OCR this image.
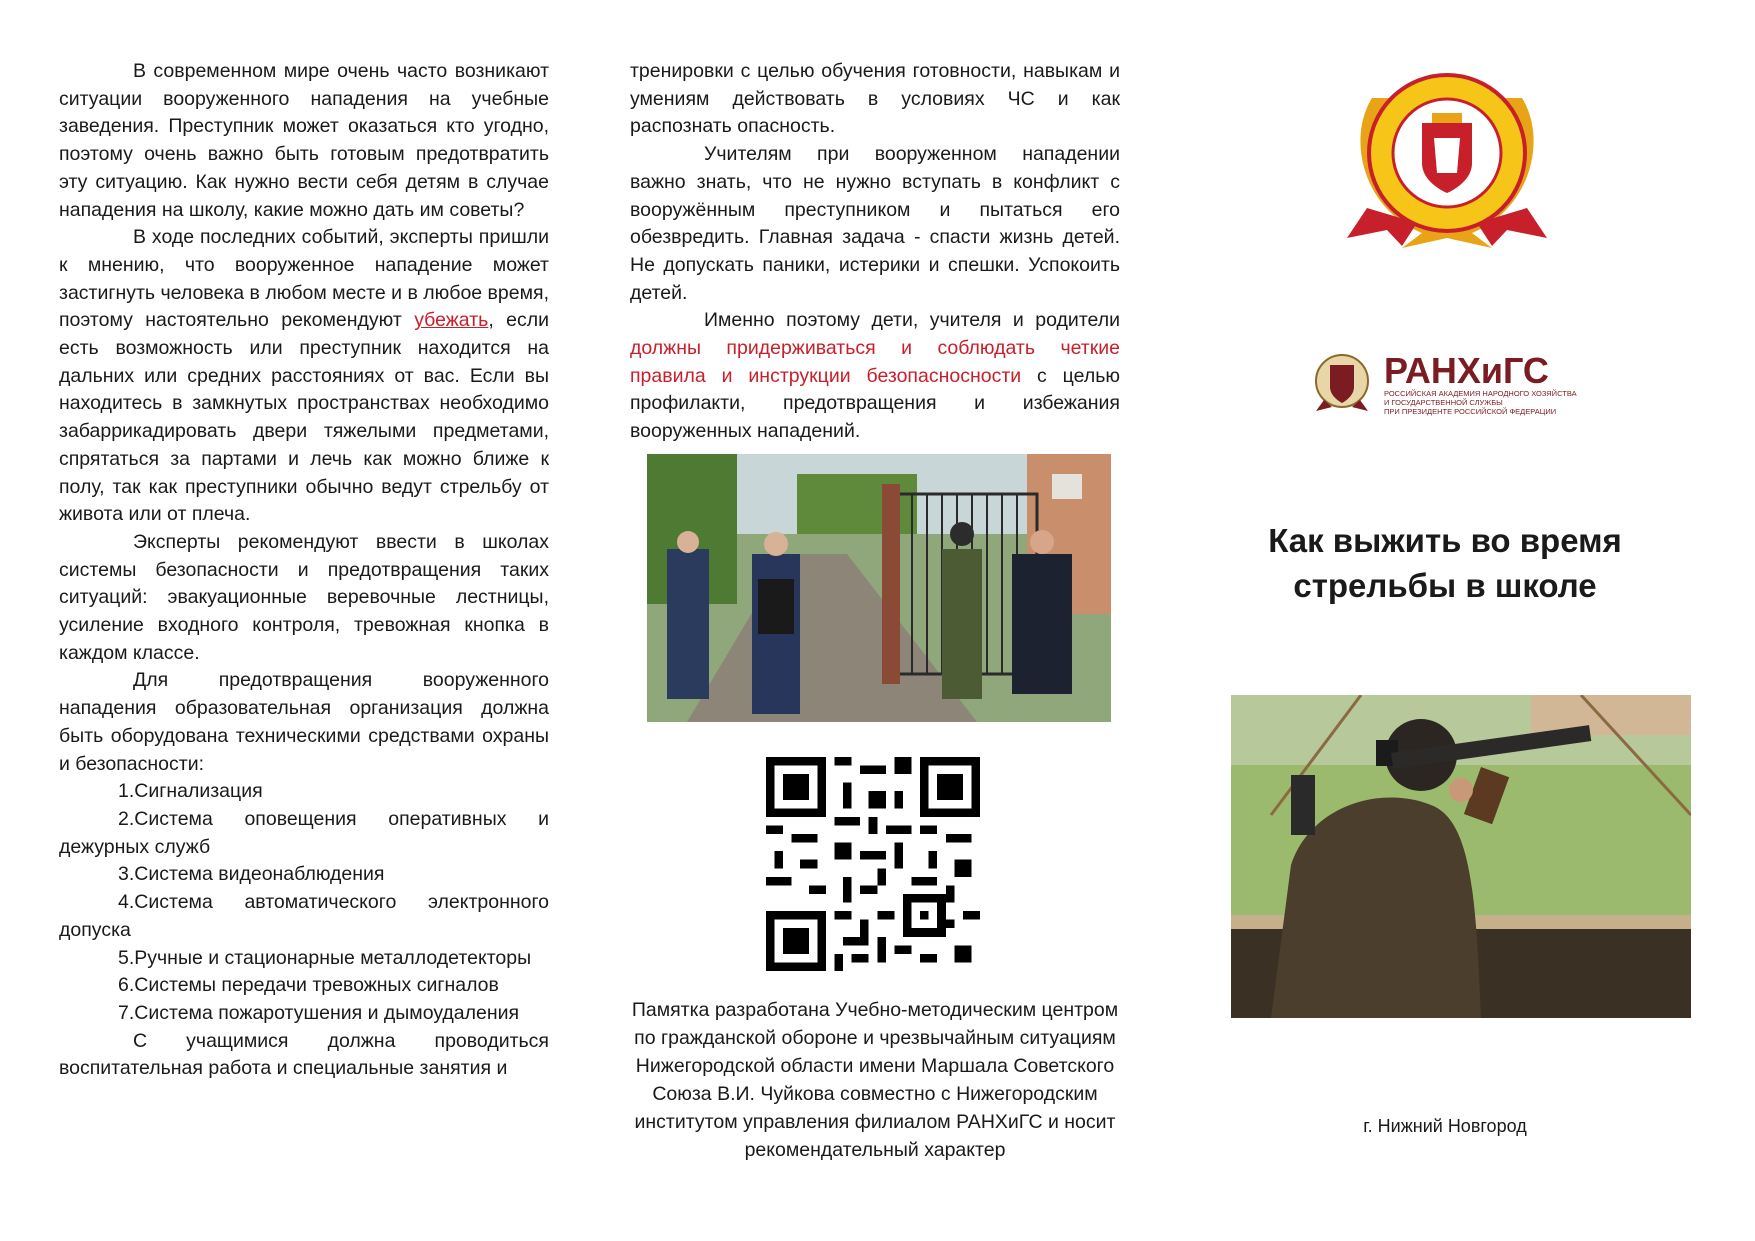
В современном мире очень часто возникают ситуации вооруженного нападения на учебные заведения. Преступник может оказаться кто угодно, поэтому очень важно быть готовым предотвратить эту ситуацию. Как нужно вести себя детям в случае нападения на школу, какие можно дать им советы?

В ходе последних событий, эксперты пришли к мнению, что вооруженное нападение может застигнуть человека в любом месте и в любое время, поэтому настоятельно рекомендуют убежать, если есть возможность или преступник находится на дальних или средних расстояниях от вас. Если вы находитесь в замкнутых пространствах необходимо забаррикадировать двери тяжелыми предметами, спрятаться за партами и лечь как можно ближе к полу, так как преступники обычно ведут стрельбу от живота или от плеча.

Эксперты рекомендуют ввести в школах системы безопасности и предотвращения таких ситуаций: эвакуационные веревочные лестницы, усиление входного контроля, тревожная кнопка в каждом классе.

Для предотвращения вооруженного нападения образовательная организация должна быть оборудована техническими средствами охраны и безопасности:

1.Сигнализация

2.Система оповещения оперативных и дежурных служб

3.Система видеонаблюдения

4.Система автоматического электронного допуска

5.Ручные и стационарные металлодетекторы

6.Системы передачи тревожных сигналов

7.Система пожаротушения и дымоудаления

С учащимися должна проводиться воспитательная работа и специальные занятия и

тренировки с целью обучения готовности, навыкам и умениям действовать в условиях ЧС и как распознать опасность.

Учителям при вооруженном нападении важно знать, что не нужно вступать в конфликт с вооружённым преступником и пытаться его обезвредить. Главная задача - спасти жизнь детей. Не допускать паники, истерики и спешки. Успокоить детей.

Именно поэтому дети, учителя и родители должны придерживаться и соблюдать четкие правила и инструкции безопасносности с целью профилакти, предотвращения и избежания вооруженных нападений.

Памятка разработана Учебно-методическим центром по гражданской обороне и чрезвычайным ситуациям Нижегородской области имени Маршала Советского Союза В.И. Чуйкова совместно с Нижегородским институтом управления филиалом РАНХиГС и носит рекомендательный характер

РАНХиГС
РОССИЙСКАЯ АКАДЕМИЯ НАРОДНОГО ХОЗЯЙСТВА
И ГОСУДАРСТВЕННОЙ СЛУЖБЫ
ПРИ ПРЕЗИДЕНТЕ РОССИЙСКОЙ ФЕДЕРАЦИИ
Как выжить во время
стрельбы в школе
г. Нижний Новгород
